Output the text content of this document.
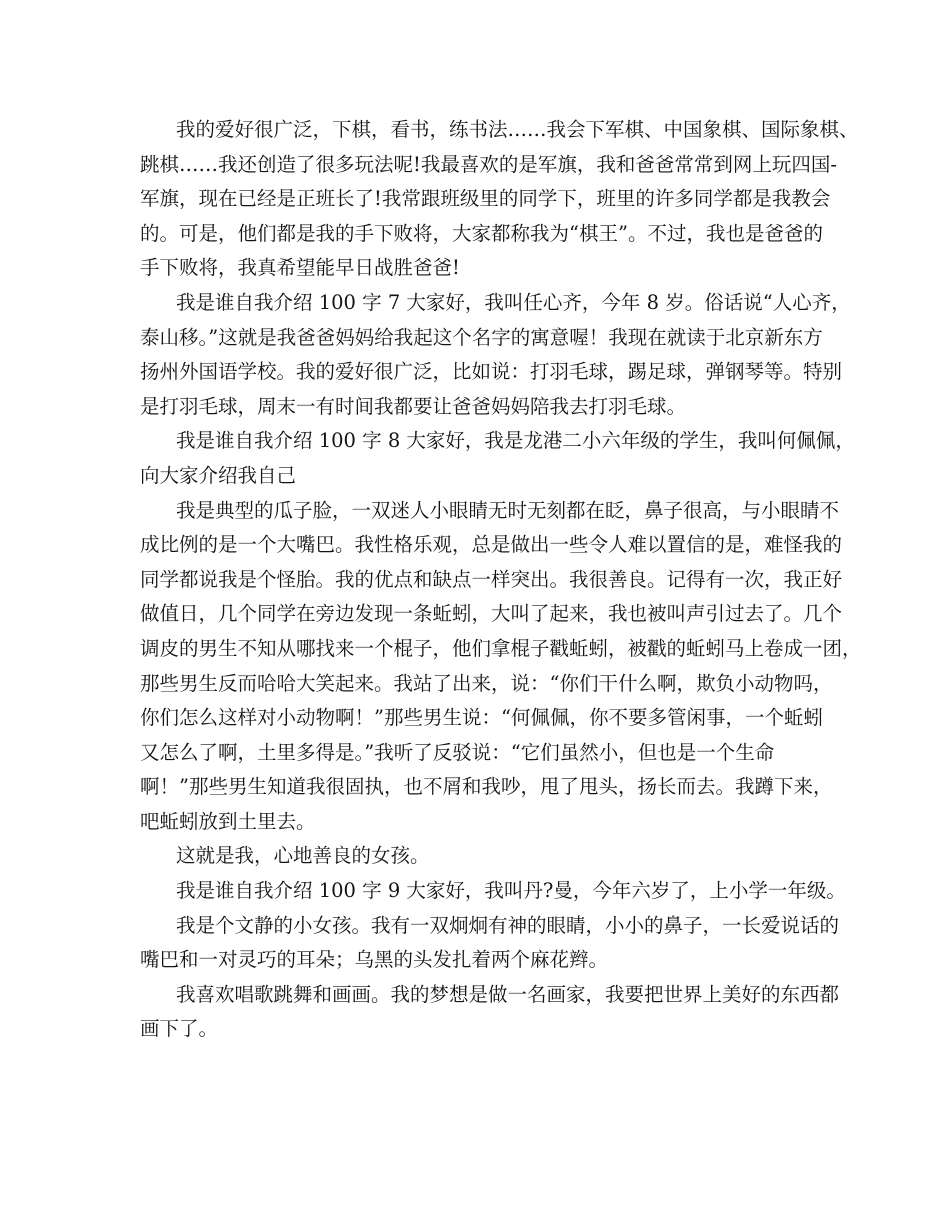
我的爱好很广泛，下棋，看书，练书法……我会下军棋、中国象棋、国际象棋、
跳棋……我还创造了很多玩法呢!我最喜欢的是军旗，我和爸爸常常到网上玩四国-
军旗，现在已经是正班长了!我常跟班级里的同学下，班里的许多同学都是我教会
的。可是，他们都是我的手下败将，大家都称我为“棋王”。不过，我也是爸爸的
手下败将，我真希望能早日战胜爸爸!
我是谁自我介绍 100 字 7 大家好，我叫任心齐，今年 8 岁。俗话说“人心齐，
泰山移。”这就是我爸爸妈妈给我起这个名字的寓意喔！我现在就读于北京新东方
扬州外国语学校。我的爱好很广泛，比如说：打羽毛球，踢足球，弹钢琴等。特别
是打羽毛球，周末一有时间我都要让爸爸妈妈陪我去打羽毛球。
我是谁自我介绍 100 字 8 大家好，我是龙港二小六年级的学生，我叫何佩佩，
向大家介绍我自己
我是典型的瓜子脸，一双迷人小眼睛无时无刻都在眨，鼻子很高，与小眼睛不
成比例的是一个大嘴巴。我性格乐观，总是做出一些令人难以置信的是，难怪我的
同学都说我是个怪胎。我的优点和缺点一样突出。我很善良。记得有一次，我正好
做值日，几个同学在旁边发现一条蚯蚓，大叫了起来，我也被叫声引过去了。几个
调皮的男生不知从哪找来一个棍子，他们拿棍子戳蚯蚓，被戳的蚯蚓马上卷成一团，
那些男生反而哈哈大笑起来。我站了出来，说：“你们干什么啊，欺负小动物吗，
你们怎么这样对小动物啊！”那些男生说：“何佩佩，你不要多管闲事，一个蚯蚓
又怎么了啊，土里多得是。”我听了反驳说：“它们虽然小，但也是一个生命
啊！”那些男生知道我很固执，也不屑和我吵，甩了甩头，扬长而去。我蹲下来，
吧蚯蚓放到土里去。
这就是我，心地善良的女孩。
我是谁自我介绍 100 字 9 大家好，我叫丹?曼，今年六岁了，上小学一年级。
我是个文静的小女孩。我有一双炯炯有神的眼睛，小小的鼻子，一长爱说话的
嘴巴和一对灵巧的耳朵；乌黑的头发扎着两个麻花辫。
我喜欢唱歌跳舞和画画。我的梦想是做一名画家，我要把世界上美好的东西都
画下了。
